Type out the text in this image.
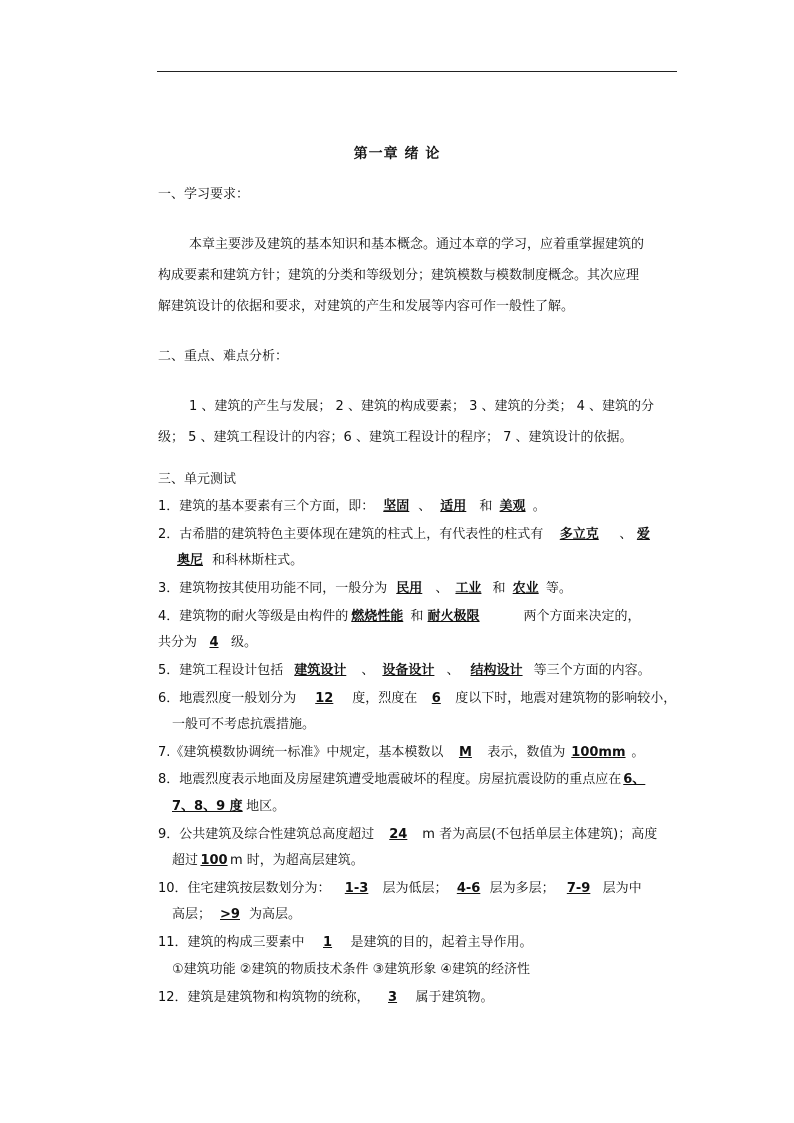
第一章 绪 论
一、学习要求：
本章主要涉及建筑的基本知识和基本概念。通过本章的学习，应着重掌握建筑的
构成要素和建筑方针；建筑的分类和等级划分；建筑模数与模数制度概念。其次应理
解建筑设计的依据和要求，对建筑的产生和发展等内容可作一般性了解。
二、重点、难点分析：
1 、建筑的产生与发展； 2 、建筑的构成要素； 3 、建筑的分类； 4 、建筑的分
级； 5 、建筑工程设计的内容；6 、建筑工程设计的程序； 7 、建筑设计的依据。
三、单元测试
1．建筑的基本要素有三个方面，即： 坚固 、 适用 和 美观 。
2．古希腊的建筑特色主要体现在建筑的柱式上，有代表性的柱式有 多立克 、 爱
奥尼 和科林斯柱式。
3．建筑物按其使用功能不同，一般分为 民用 、 工业 和 农业 等。
4．建筑物的耐火等级是由构件的 燃烧性能 和 耐火极限	两个方面来决定的，
共分为 4 级。
5．建筑工程设计包括 建筑设计 、 设备设计 、 结构设计 等三个方面的内容。
6．地震烈度一般划分为 12 度，烈度在 6 度以下时，地震对建筑物的影响较小，
一般可不考虑抗震措施。
7.《建筑模数协调统一标准》中规定，基本模数以 M 表示，数值为 100mm 。
8．地震烈度表示地面及房屋建筑遭受地震破坏的程度。房屋抗震设防的重点应在 6、
7、8、9 度 地区。
9．公共建筑及综合性建筑总高度超过 24 m 者为高层(不包括单层主体建筑)；高度
超过 100 m 时，为超高层建筑。
10．住宅建筑按层数划分为： 1-3 层为低层； 4-6 层为多层； 7-9 层为中
高层； >9 为高层。
11．建筑的构成三要素中 1 是建筑的目的，起着主导作用。
①建筑功能 ②建筑的物质技术条件 ③建筑形象 ④建筑的经济性
12．建筑是建筑物和构筑物的统称， 3 属于建筑物。
